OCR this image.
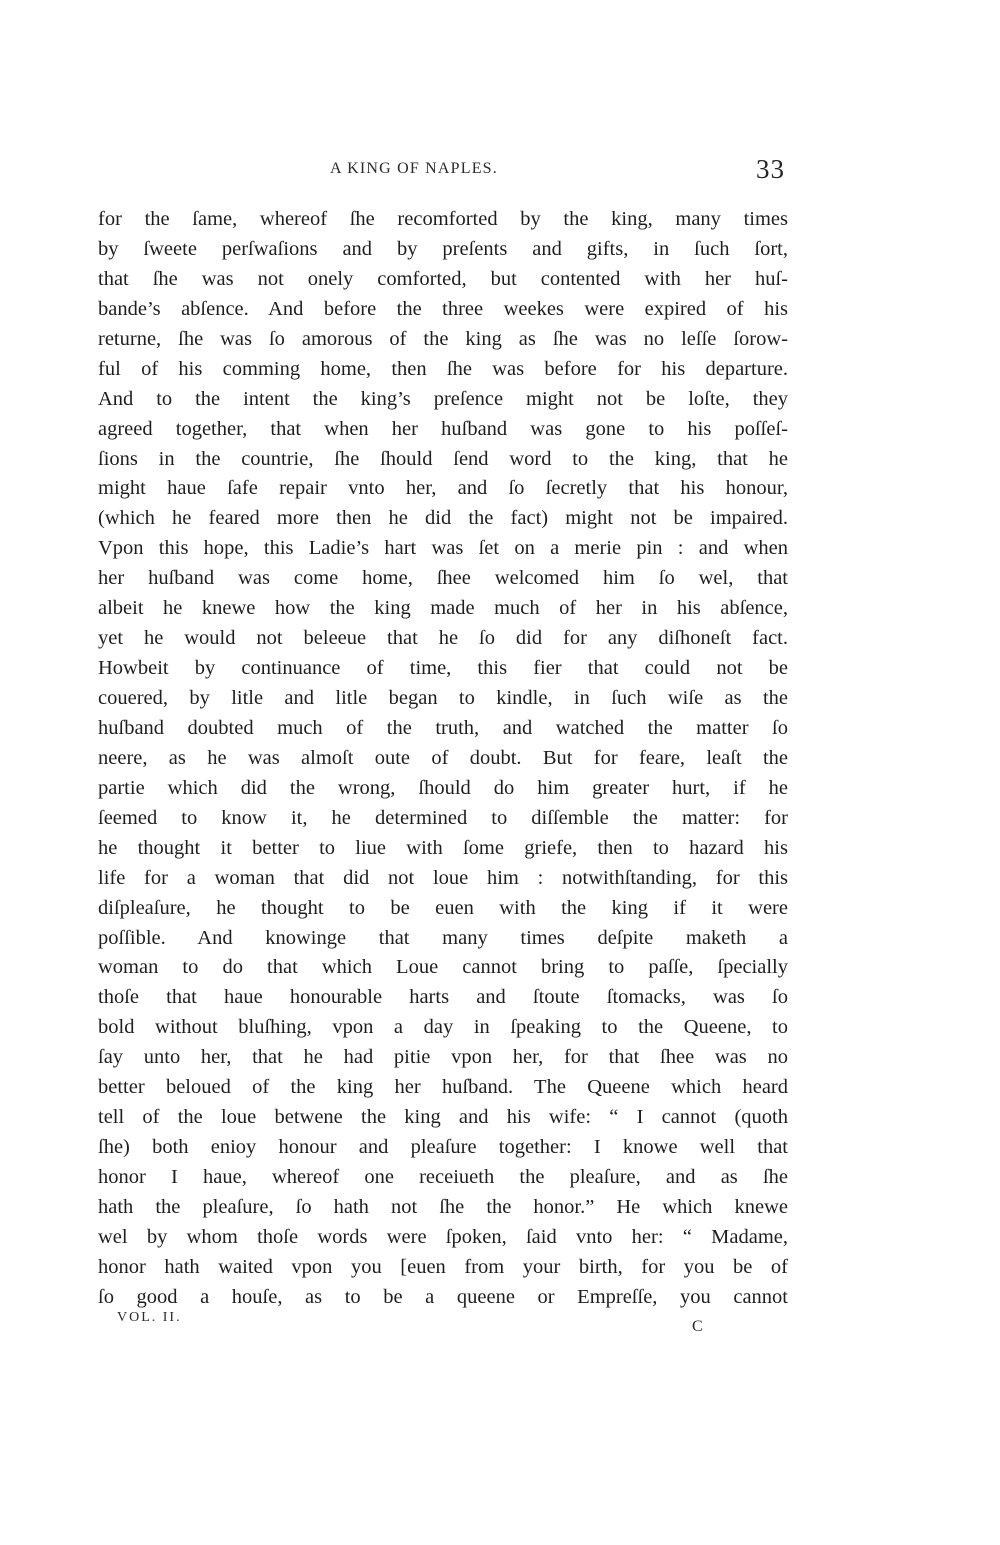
A KING OF NAPLES.	33
for the ſame, whereof ſhe recomforted by the king, many times
by ſweete perſwaſions and by preſents and gifts, in ſuch ſort,
that ſhe was not onely comforted, but contented with her huſ-
bande’s abſence. And before the three weekes were expired of his
returne, ſhe was ſo amorous of the king as ſhe was no leſſe ſorow-
ful of his comming home, then ſhe was before for his departure.
And to the intent the king’s preſence might not be loſte, they
agreed together, that when her huſband was gone to his poſſeſ-
ſions in the countrie, ſhe ſhould ſend word to the king, that he
might haue ſafe repair vnto her, and ſo ſecretly that his honour,
(which he feared more then he did the fact) might not be impaired.
Vpon this hope, this Ladie’s hart was ſet on a merie pin : and when
her huſband was come home, ſhee welcomed him ſo wel, that
albeit he knewe how the king made much of her in his abſence,
yet he would not beleeue that he ſo did for any diſhoneſt fact.
Howbeit by continuance of time, this fier that could not be
couered, by litle and litle began to kindle, in ſuch wiſe as the
huſband doubted much of the truth, and watched the matter ſo
neere, as he was almoſt oute of doubt. But for feare, leaſt the
partie which did the wrong, ſhould do him greater hurt, if he
ſeemed to know it, he determined to diſſemble the matter: for
he thought it better to liue with ſome griefe, then to hazard his
life for a woman that did not loue him : notwithſtanding, for this
diſpleaſure, he thought to be euen with the king if it were
poſſible. And knowinge that many times deſpite maketh a
woman to do that which Loue cannot bring to paſſe, ſpecially
thoſe that haue honourable harts and ſtoute ſtomacks, was ſo
bold without bluſhing, vpon a day in ſpeaking to the Queene, to
ſay unto her, that he had pitie vpon her, for that ſhee was no
better beloued of the king her huſband. The Queene which heard
tell of the loue betwene the king and his wife: “ I cannot (quoth
ſhe) both enioy honour and pleaſure together: I knowe well that
honor I haue, whereof one receiueth the pleaſure, and as ſhe
hath the pleaſure, ſo hath not ſhe the honor.” He which knewe
wel by whom thoſe words were ſpoken, ſaid vnto her: “ Madame,
honor hath waited vpon you [euen from your birth, for you be of
ſo good a houſe, as to be a queene or Empreſſe, you cannot
VOL. II.
C
